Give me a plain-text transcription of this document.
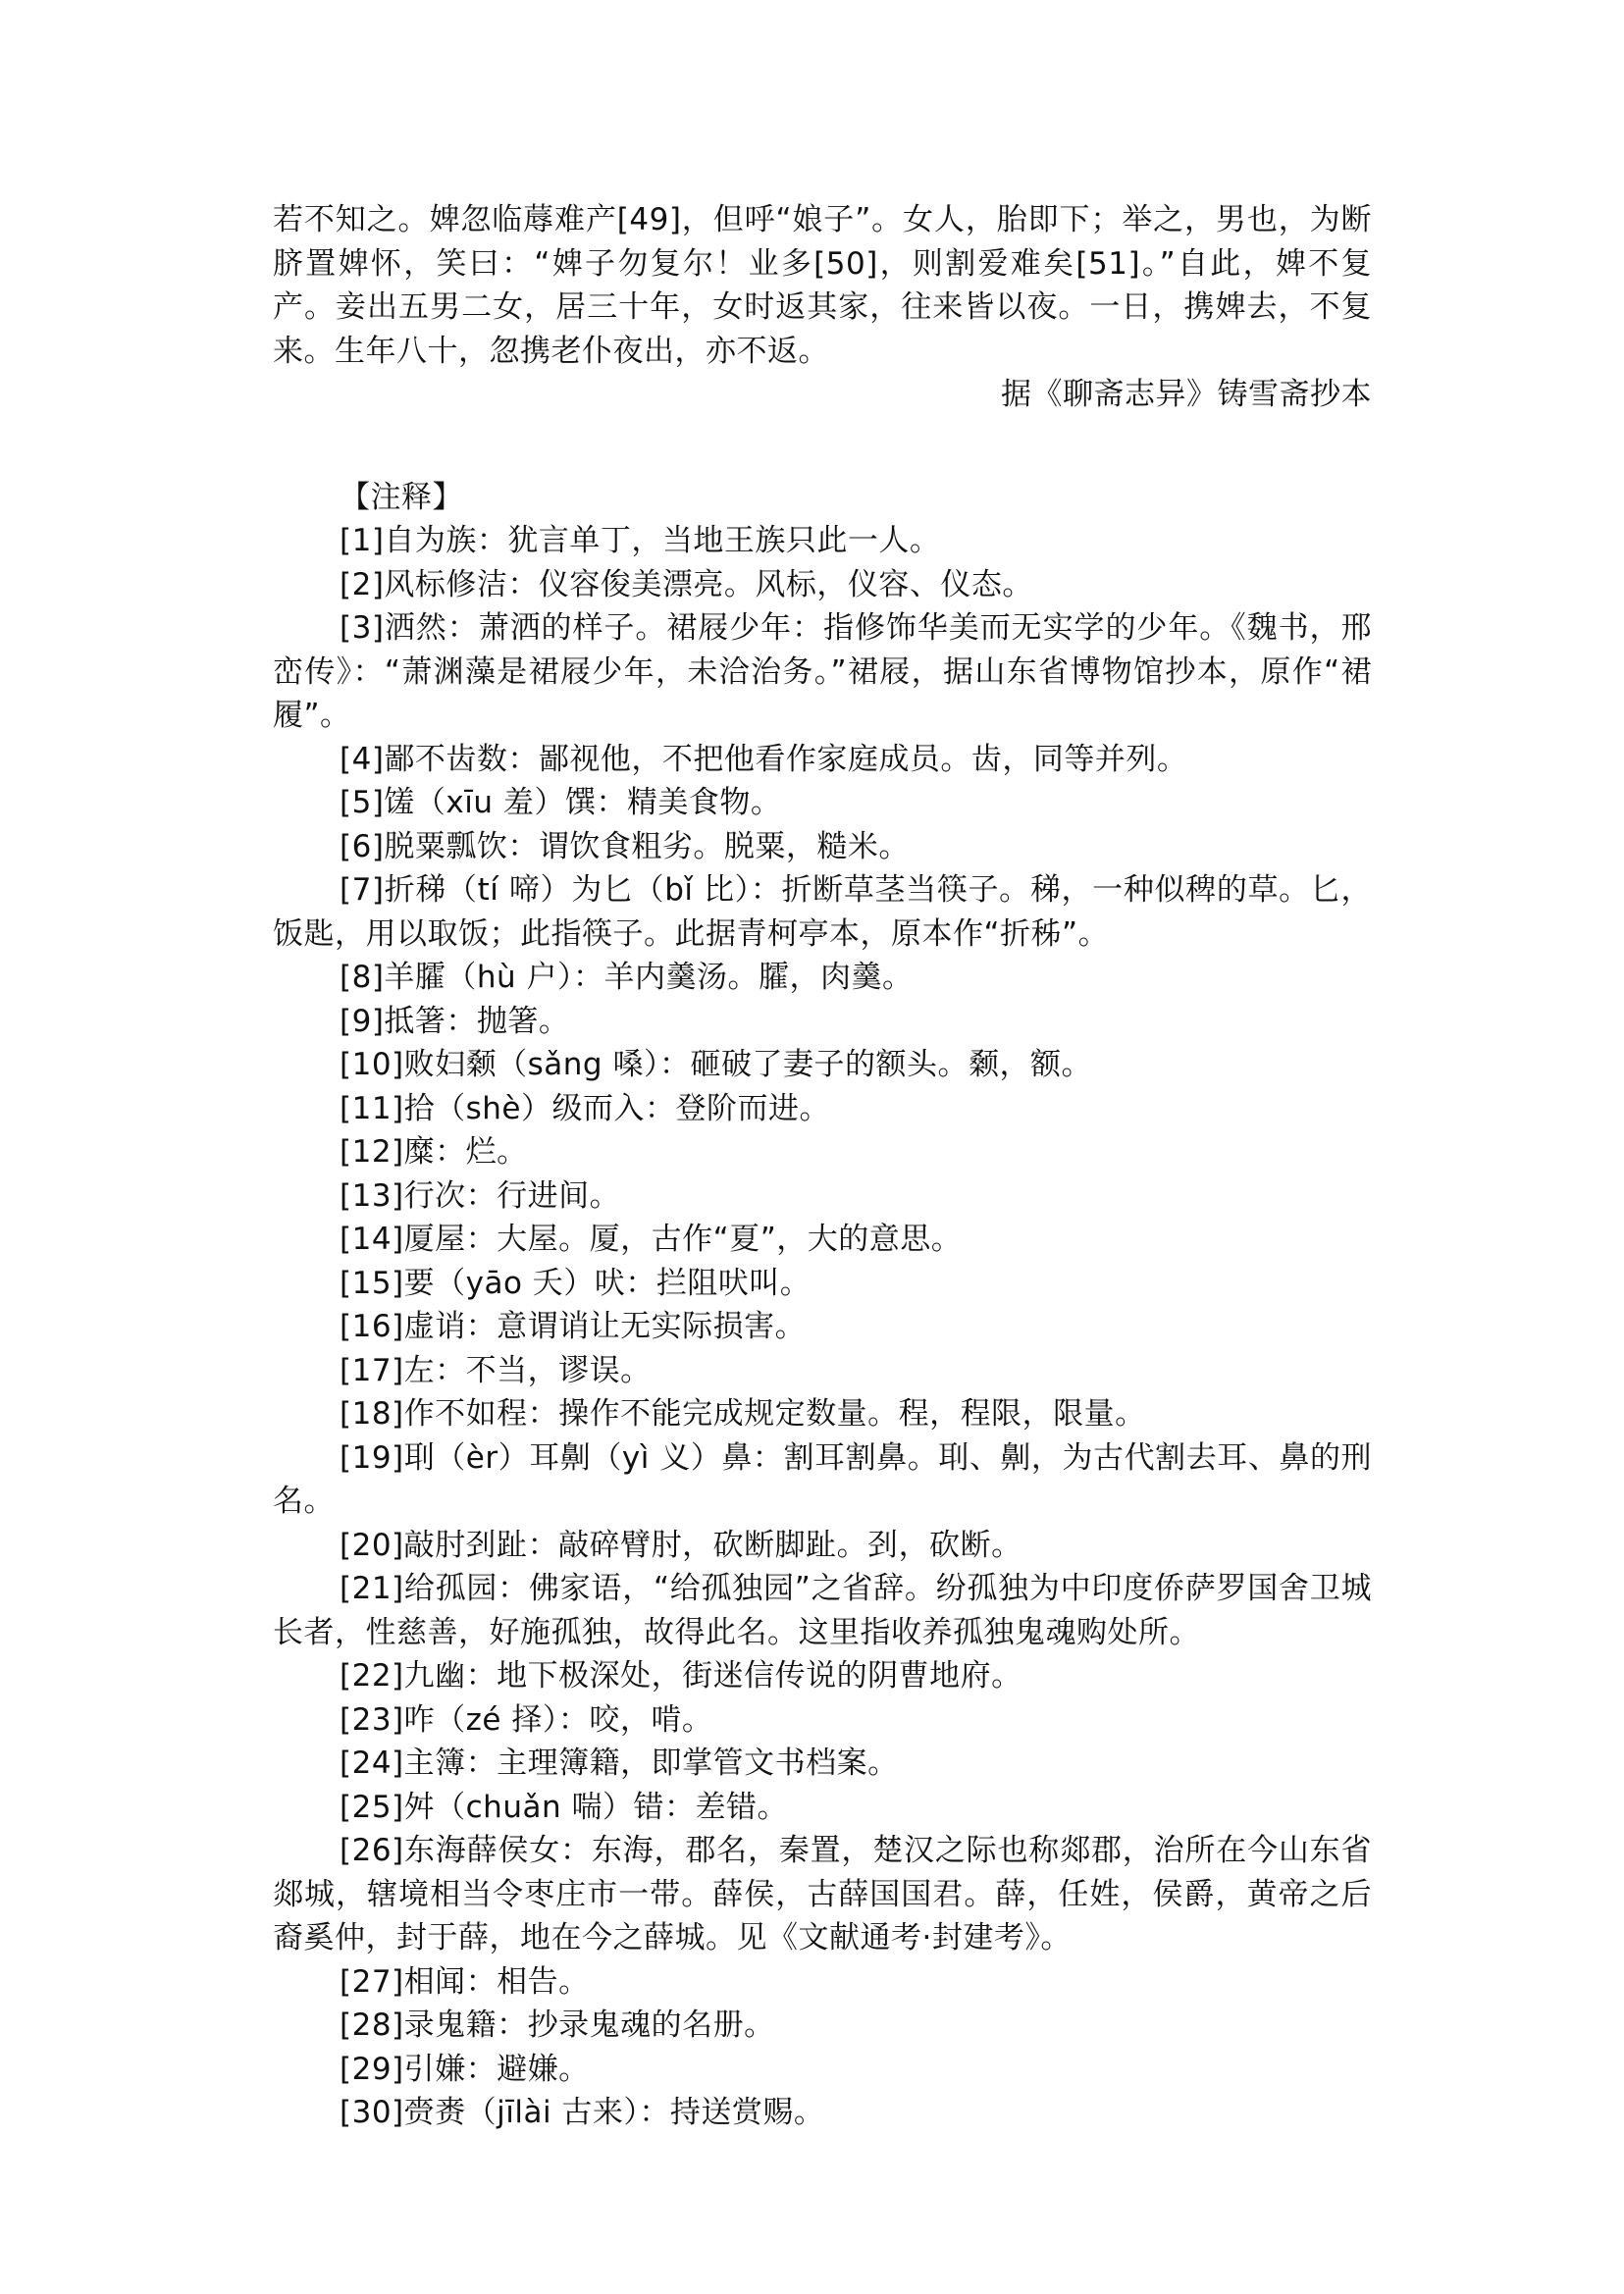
若不知之。婢忽临蓐难产[49]，但呼“娘子”。女人，胎即下；举之，男也，为断脐置婢怀，笑曰：“婢子勿复尔！业多[50]，则割爱难矣[51]。”自此，婢不复产。妾出五男二女，居三十年，女时返其家，往来皆以夜。一日，携婢去，不复来。生年八十，忽携老仆夜出，亦不返。

据《聊斋志异》铸雪斋抄本

【注释】

[1]自为族：犹言单丁，当地王族只此一人。

[2]风标修洁：仪容俊美漂亮。风标，仪容、仪态。

[3]洒然：萧洒的样子。裙屐少年：指修饰华美而无实学的少年。《魏书，邢峦传》：“萧渊藻是裙屐少年，未洽治务。”裙屐，据山东省博物馆抄本，原作“裙履”。

[4]鄙不齿数：鄙视他，不把他看作家庭成员。齿，同等并列。

[5]馐（xīu 羞）馔：精美食物。

[6]脱粟瓢饮：谓饮食粗劣。脱粟，糙米。

[7]折稊（tí 啼）为匕（bǐ 比）：折断草茎当筷子。稊，一种似稗的草。匕，饭匙，用以取饭；此指筷子。此据青柯亭本，原本作“折秭”。

[8]羊臛（hù 户）：羊内羹汤。臛，肉羹。

[9]抵箸：抛箸。

[10]败妇颡（sǎng 嗓）：砸破了妻子的额头。颡，额。

[11]拾（shè）级而入：登阶而进。

[12]糜：烂。

[13]行次：行进间。

[14]厦屋：大屋。厦，古作“夏”，大的意思。

[15]要（yāo 夭）吠：拦阻吠叫。

[16]虚诮：意谓诮让无实际损害。

[17]左：不当，谬误。

[18]作不如程：操作不能完成规定数量。程，程限，限量。

[19]刵（èr）耳劓（yì 义）鼻：割耳割鼻。刵、劓，为古代割去耳、鼻的刑名。

[20]敲肘刭趾：敲碎臂肘，砍断脚趾。刭，砍断。

[21]给孤园：佛家语，“给孤独园”之省辞。纷孤独为中印度侨萨罗国舍卫城长者，性慈善，好施孤独，故得此名。这里指收养孤独鬼魂购处所。

[22]九幽：地下极深处，街迷信传说的阴曹地府。

[23]咋（zé 择）：咬，啃。

[24]主簿：主理簿籍，即掌管文书档案。

[25]舛（chuǎn 喘）错：差错。

[26]东海薛侯女：东海，郡名，秦置，楚汉之际也称郯郡，治所在今山东省郯城，辖境相当令枣庄市一带。薛侯，古薛国国君。薛，任姓，侯爵，黄帝之后裔奚仲，封于薛，地在今之薛城。见《文献通考·封建考》。

[27]相闻：相告。

[28]录鬼籍：抄录鬼魂的名册。

[29]引嫌：避嫌。

[30]赍赉（jīlài 古来）：持送赏赐。
